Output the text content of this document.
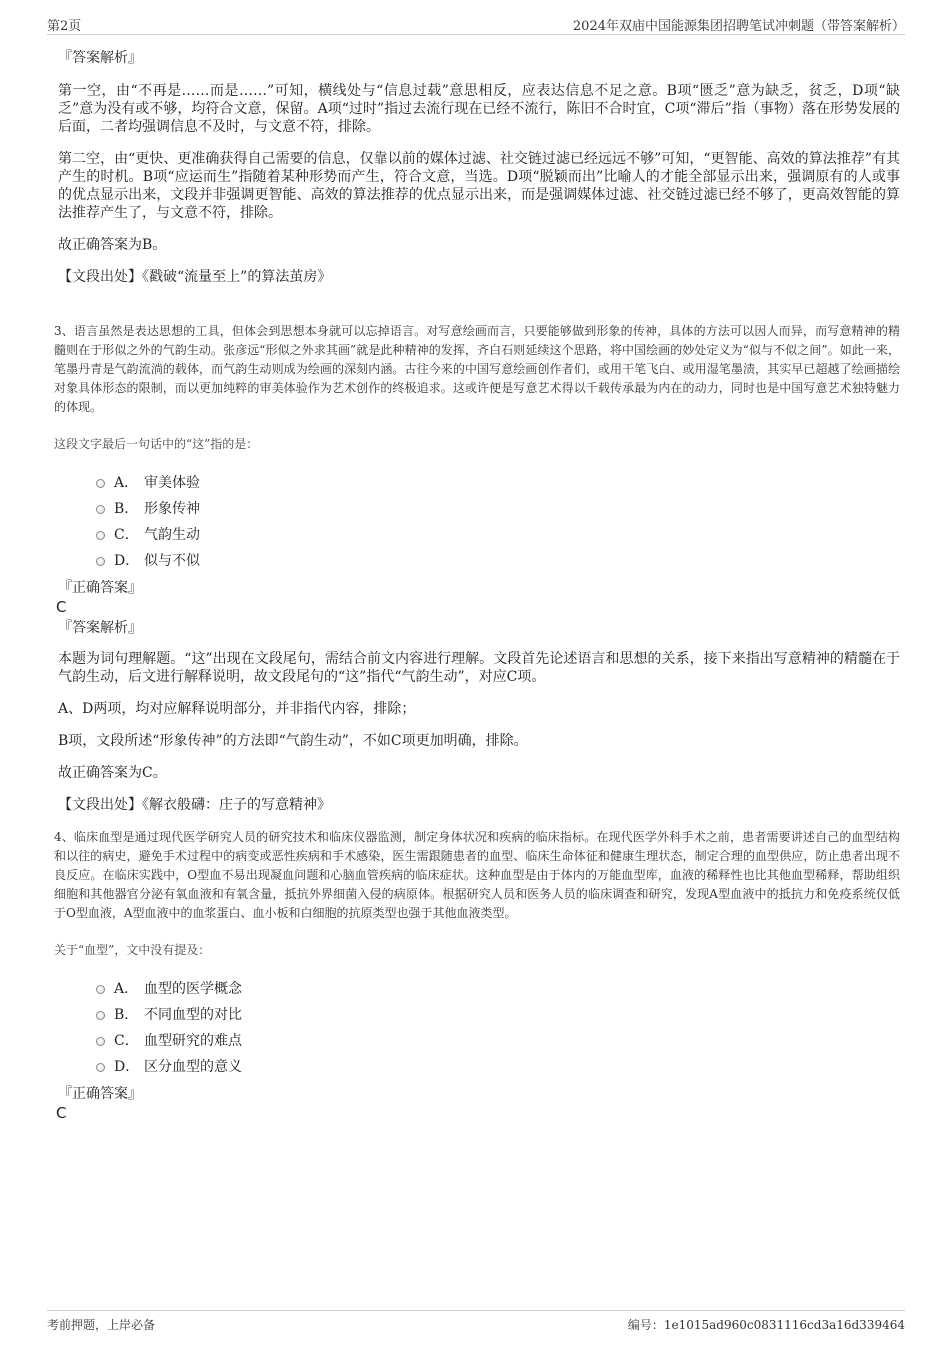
第2页	2024年双庙中国能源集团招聘笔试冲刺题（带答案解析）
『答案解析』

第一空，由“不再是……而是……”可知，横线处与“信息过载”意思相反，应表达信息不足之意。B项“匮乏”意为缺乏，贫乏，D项“缺乏”意为没有或不够，均符合文意，保留。A项“过时”指过去流行现在已经不流行，陈旧不合时宜，C项“滞后”指（事物）落在形势发展的后面，二者均强调信息不及时，与文意不符，排除。

第二空，由“更快、更准确获得自己需要的信息，仅靠以前的媒体过滤、社交链过滤已经远远不够”可知，“更智能、高效的算法推荐”有其产生的时机。B项“应运而生”指随着某种形势而产生，符合文意，当选。D项“脱颖而出”比喻人的才能全部显示出来，强调原有的人或事的优点显示出来，文段并非强调更智能、高效的算法推荐的优点显示出来，而是强调媒体过滤、社交链过滤已经不够了，更高效智能的算法推荐产生了，与文意不符，排除。

故正确答案为B。

【文段出处】《戳破“流量至上”的算法茧房》

3、语言虽然是表达思想的工具，但体会到思想本身就可以忘掉语言。对写意绘画而言，只要能够做到形象的传神，具体的方法可以因人而异，而写意精神的精髓则在于形似之外的气韵生动。张彦远“形似之外求其画”就是此种精神的发挥，齐白石则延续这个思路，将中国绘画的妙处定义为“似与不似之间”。如此一来，笔墨丹青是气韵流淌的载体，而气韵生动则成为绘画的深刻内涵。古往今来的中国写意绘画创作者们，或用干笔飞白、或用湿笔墨渍，其实早已超越了绘画描绘对象具体形态的限制，而以更加纯粹的审美体验作为艺术创作的终极追求。这或许便是写意艺术得以千载传承最为内在的动力，同时也是中国写意艺术独特魅力的体现。

这段文字最后一句话中的“这”指的是：

A． 审美体验
B． 形象传神
C． 气韵生动
D． 似与不似
『正确答案』

C

『答案解析』

本题为词句理解题。“这”出现在文段尾句，需结合前文内容进行理解。文段首先论述语言和思想的关系，接下来指出写意精神的精髓在于气韵生动，后文进行解释说明，故文段尾句的“这”指代“气韵生动”，对应C项。

A、D两项，均对应解释说明部分，并非指代内容，排除；

B项，文段所述“形象传神”的方法即“气韵生动”，不如C项更加明确，排除。

故正确答案为C。

【文段出处】《解衣般礴：庄子的写意精神》

4、临床血型是通过现代医学研究人员的研究技术和临床仪器监测，制定身体状况和疾病的临床指标。在现代医学外科手术之前，患者需要讲述自己的血型结构和以往的病史，避免手术过程中的病变或恶性疾病和手术感染，医生需跟随患者的血型、临床生命体征和健康生理状态，制定合理的血型供应，防止患者出现不良反应。在临床实践中，O型血不易出现凝血问题和心脑血管疾病的临床症状。这种血型是由于体内的万能血型库，血液的稀释性也比其他血型稀释，帮助组织细胞和其他器官分泌有氧血液和有氧含量，抵抗外界细菌入侵的病原体。根据研究人员和医务人员的临床调查和研究，发现A型血液中的抵抗力和免疫系统仅低于O型血液，A型血液中的血浆蛋白、血小板和白细胞的抗原类型也强于其他血液类型。

关于“血型”，文中没有提及：

A． 血型的医学概念
B． 不同血型的对比
C． 血型研究的难点
D． 区分血型的意义
『正确答案』

C

考前押题，上岸必备	编号：1e1015ad960c0831116cd3a16d339464
